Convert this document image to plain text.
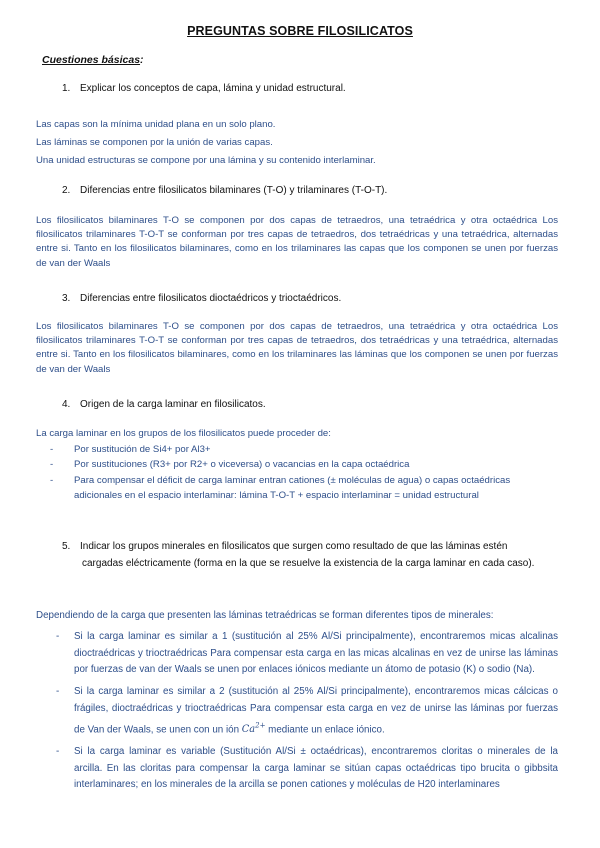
PREGUNTAS SOBRE FILOSILICATOS
Cuestiones básicas:
1. Explicar los conceptos de capa, lámina y unidad estructural.

Las capas son la mínima unidad plana en un solo plano.

Las láminas se componen por la unión de varias capas.

Una unidad estructuras se compone por una lámina y su contenido interlaminar.

2. Diferencias entre filosilicatos bilaminares (T-O) y trilaminares (T-O-T).

Los filosilicatos bilaminares T-O se componen por dos capas de tetraedros, una tetraédrica y otra octaédrica Los filosilicatos trilaminares T-O-T se conforman por tres capas de tetraedros, dos tetraédricas y una tetraédrica, alternadas entre si. Tanto en los filosilicatos bilaminares, como en los trilaminares las capas que los componen se unen por fuerzas de van der Waals

3. Diferencias entre filosilicatos dioctaédricos y trioctaédricos.

Los filosilicatos bilaminares T-O se componen por dos capas de tetraedros, una tetraédrica y otra octaédrica Los filosilicatos trilaminares T-O-T se conforman por tres capas de tetraedros, dos tetraédricas y una tetraédrica, alternadas entre si. Tanto en los filosilicatos bilaminares, como en los trilaminares las láminas que los componen se unen por fuerzas de van der Waals

4. Origen de la carga laminar en filosilicatos.

La carga laminar en los grupos de los filosilicatos puede proceder de:

- Por sustitución de Si4+ por Al3+
- Por sustituciones (R3+ por R2+ o viceversa) o vacancias en la capa octaédrica
- Para compensar el déficit de carga laminar entran cationes (± moléculas de agua) o capas octaédricas adicionales en el espacio interlaminar: lámina T-O-T + espacio interlaminar = unidad estructural
5. Indicar los grupos minerales en filosilicatos que surgen como resultado de que las láminas estén
cargadas eléctricamente (forma en la que se resuelve la existencia de la carga laminar en cada caso).

Dependiendo de la carga que presenten las láminas tetraédricas se forman diferentes tipos de minerales:

- Si la carga laminar es similar a 1 (sustitución al 25% Al/Si principalmente), encontraremos micas alcalinas dioctraédricas y trioctraédricas Para compensar esta carga en las micas alcalinas en vez de unirse las láminas por fuerzas de van der Waals se unen por enlaces iónicos mediante un átomo de potasio (K) o sodio (Na).
- Si la carga laminar es similar a 2 (sustitución al 25% Al/Si principalmente), encontraremos micas cálcicas o frágiles, dioctraédricas y trioctraédricas Para compensar esta carga en vez de unirse las láminas por fuerzas de Van der Waals, se unen con un ión $Ca^{2+}$ mediante un enlace iónico.
- Si la carga laminar es variable (Sustitución Al/Si ± octaédricas), encontraremos cloritas o minerales de la arcilla. En las cloritas para compensar la carga laminar se sitúan capas octaédricas tipo brucita o gibbsita interlaminares; en los minerales de la arcilla se ponen cationes y moléculas de H20 interlaminares
